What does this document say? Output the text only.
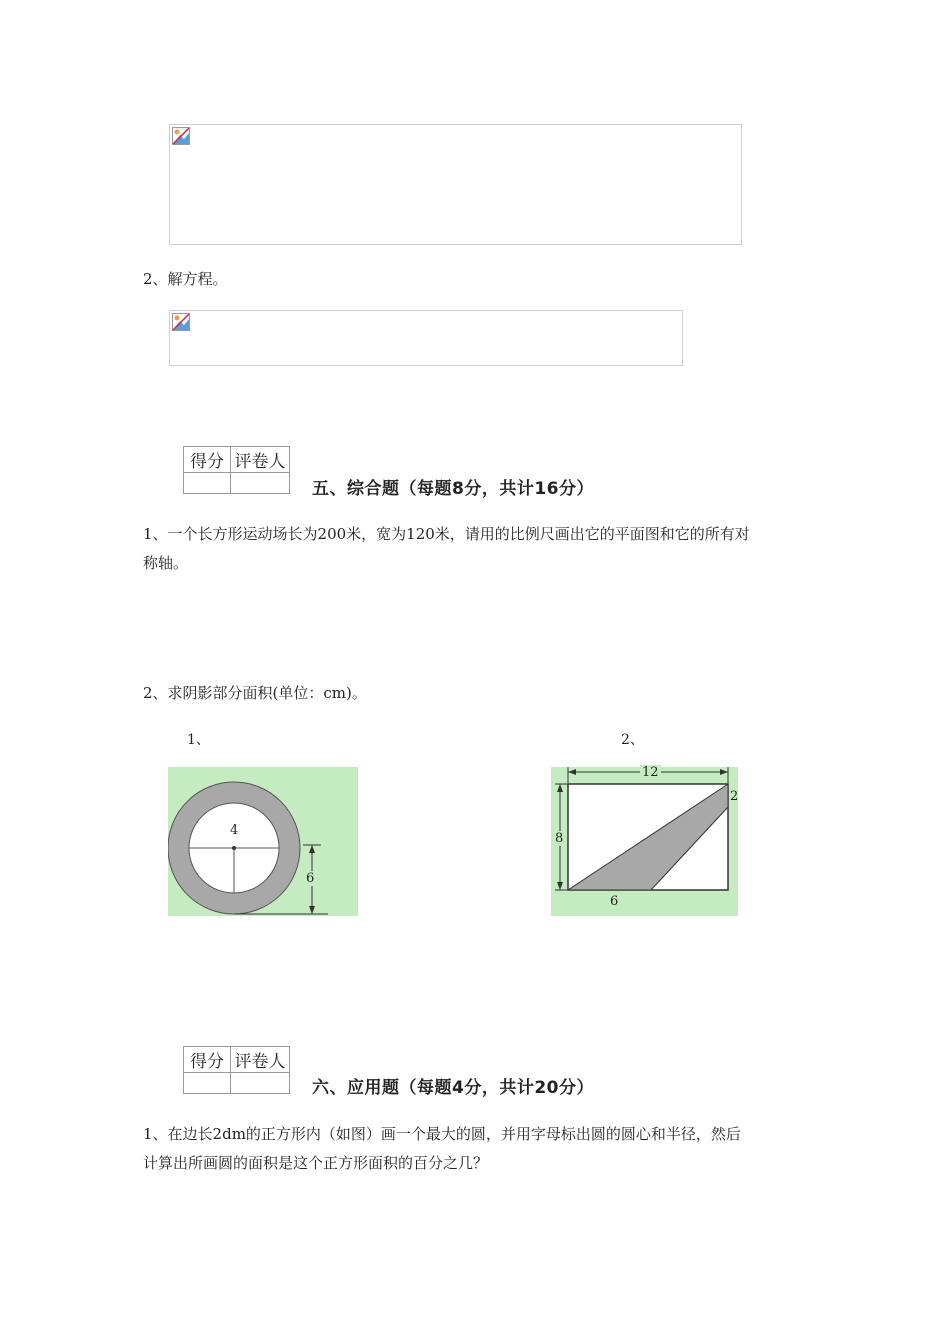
2、解方程。
得分	评卷人

五、综合题（每题8分，共计16分）
1、一个长方形运动场长为200米，宽为120米，请用的比例尺画出它的平面图和它的所有对
称轴。
2、求阴影部分面积(单位：cm)。
1、	2、
4
6
12
8
2
6
得分	评卷人

六、应用题（每题4分，共计20分）
1、在边长2dm的正方形内（如图）画一个最大的圆，并用字母标出圆的圆心和半径，然后
计算出所画圆的面积是这个正方形面积的百分之几？
